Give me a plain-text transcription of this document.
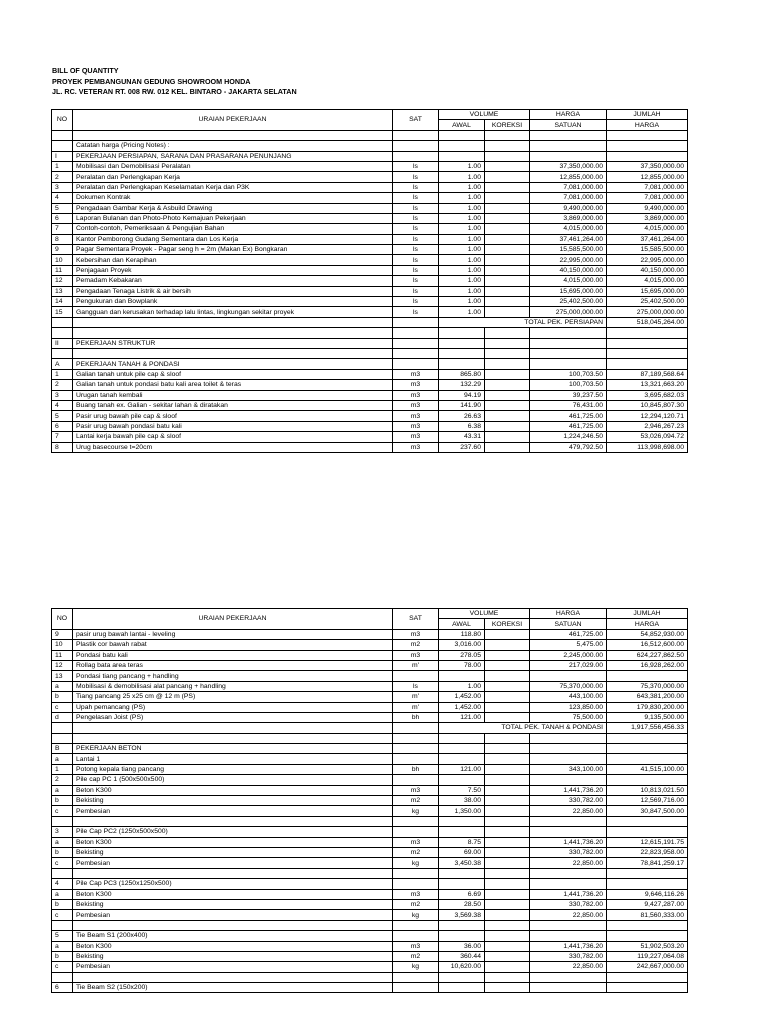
BILL OF QUANTITY
PROYEK PEMBANGUNAN GEDUNG SHOWROOM HONDA
JL. RC. VETERAN RT. 008 RW. 012 KEL. BINTARO - JAKARTA SELATAN
NO	URAIAN PEKERJAAN	SAT	VOLUME		HARGA	JUMLAH
			AWAL	KOREKSI	SATUAN	HARGA

	Catatan harga (Pricing Notes) :					
I	PEKERJAAN PERSIAPAN, SARANA DAN PRASARANA PENUNJANG					
1	Mobilisasi dan Demobilisasi Peralatan	ls	1.00		37,350,000.00	37,350,000.00
2	Peralatan dan Perlengkapan Kerja	ls	1.00		12,855,000.00	12,855,000.00
3	Peralatan dan Perlengkapan Keselamatan Kerja dan P3K	ls	1.00		7,081,000.00	7,081,000.00
4	Dokumen Kontrak	ls	1.00		7,081,000.00	7,081,000.00
5	Pengadaan Gambar Kerja & Asbuild Drawing	ls	1.00		9,490,000.00	9,490,000.00
6	Laporan Bulanan dan Photo-Photo Kemajuan Pekerjaan	ls	1.00		3,869,000.00	3,869,000.00
7	Contoh-contoh, Pemeriksaan & Pengujian Bahan	ls	1.00		4,015,000.00	4,015,000.00
8	Kantor Pemborong Gudang Sementara dan Los Kerja	ls	1.00		37,461,264.00	37,461,264.00
9	Pagar Sementara Proyek - Pagar seng h = 2m (Makan Ex) Bongkaran	ls	1.00		15,585,500.00	15,585,500.00
10	Kebersihan dan Kerapihan	ls	1.00		22,995,000.00	22,995,000.00
11	Penjagaan Proyek	ls	1.00		40,150,000.00	40,150,000.00
12	Pemadam Kebakaran	ls	1.00		4,015,000.00	4,015,000.00
13	Pengadaan Tenaga Listrik & air bersih	ls	1.00		15,695,000.00	15,695,000.00
14	Pengukuran dan Bowplank	ls	1.00		25,402,500.00	25,402,500.00
15	Gangguan dan kerusakan terhadap lalu lintas, lingkungan sekitar proyek	ls	1.00		275,000,000.00	275,000,000.00
			TOTAL PEK. PERSIAPAN			518,045,264.00

II	PEKERJAAN STRUKTUR					

A	PEKERJAAN TANAH & PONDASI					
1	Galian tanah untuk pile cap & sloof	m3	865.80		100,703.50	87,189,568.64
2	Galian tanah untuk pondasi batu kali area toilet & teras	m3	132.29		100,703.50	13,321,663.20
3	Urugan tanah kembali	m3	94.19		39,237.50	3,695,682.03
4	Buang tanah ex. Galian - sekitar lahan & diratakan	m3	141.90		76,431.00	10,845,807.30
5	Pasir urug bawah pile cap & sloof	m3	26.63		461,725.00	12,294,120.71
6	Pasir urug bawah pondasi batu kali	m3	6.38		461,725.00	2,946,267.23
7	Lantai kerja bawah pile cap & sloof	m3	43.31		1,224,246.50	53,026,094.72
8	Urug basecourse t=20cm	m3	237.60		479,792.50	113,998,698.00
NO	URAIAN PEKERJAAN	SAT	VOLUME		HARGA	JUMLAH
			AWAL	KOREKSI	SATUAN	HARGA
9	pasir urug bawah lantai - leveling	m3	118.80		461,725.00	54,852,930.00
10	Plastik cor bawah rabat	m2	3,016.00		5,475.00	16,512,600.00
11	Pondasi batu kali	m3	278.05		2,245,000.00	624,227,862.50
12	Rollag bata area teras	m'	78.00		217,029.00	16,928,262.00
13	Pondasi tiang pancang + handling					
a	Mobilisasi & demobilisasi alat pancang + handling	ls	1.00		75,370,000.00	75,370,000.00
b	Tiang pancang 25 x25 cm @ 12 m (PS)	m'	1,452.00		443,100.00	643,381,200.00
c	Upah pemancang (PS)	m'	1,452.00		123,850.00	179,830,200.00
d	Pengelasan Joist (PS)	bh	121.00		75,500.00	9,135,500.00
			TOTAL PEK. TANAH & PONDASI			1,917,556,456.33

B	PEKERJAAN BETON					
a	Lantai 1					
1	Potong kepala tiang pancang	bh	121.00		343,100.00	41,515,100.00
2	Pile cap PC 1 (500x500x500)					
a	Beton K300	m3	7.50		1,441,736.20	10,813,021.50
b	Bekisting	m2	38.00		330,782.00	12,569,716.00
c	Pembesian	kg	1,350.00		22,850.00	30,847,500.00

3	Pile Cap PC2 (1250x500x500)					
a	Beton K300	m3	8.75		1,441,736.20	12,615,191.75
b	Bekisting	m2	69.00		330,782.00	22,823,958.00
c	Pembesian	kg	3,450.38		22,850.00	78,841,259.17

4	Pile Cap PC3 (1250x1250x500)					
a	Beton K300	m3	6.69		1,441,736.20	9,646,116.26
b	Bekisting	m2	28.50		330,782.00	9,427,287.00
c	Pembesian	kg	3,569.38		22,850.00	81,560,333.00

5	Tie Beam S1 (200x400)					
a	Beton K300	m3	36.00		1,441,736.20	51,902,503.20
b	Bekisting	m2	360.44		330,782.00	119,227,064.08
c	Pembesian	kg	10,620.00		22,850.00	242,667,000.00

6	Tie Beam S2 (150x200)					
